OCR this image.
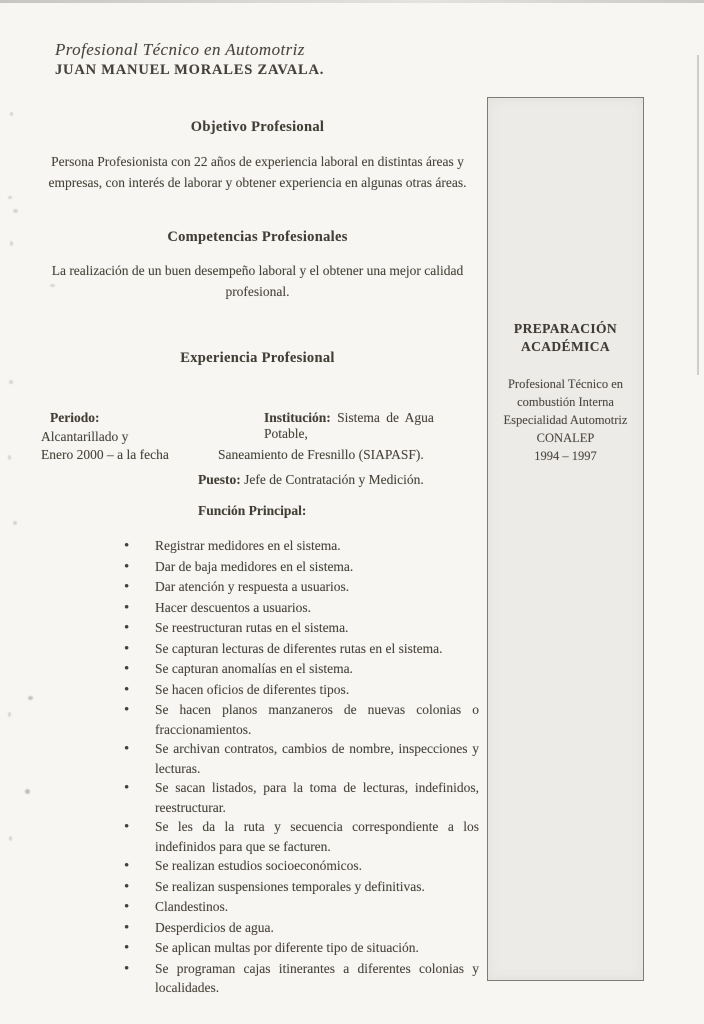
Profesional Técnico en Automotriz
JUAN MANUEL MORALES ZAVALA.
Objetivo Profesional
Persona Profesionista con 22 años de experiencia laboral en distintas áreas y empresas, con interés de laborar y obtener experiencia en algunas otras áreas.
Competencias Profesionales
La realización de un buen desempeño laboral y el obtener una mejor calidad profesional.
Experiencia Profesional
Periodo:	Institución: Sistema de Agua Potable,
Alcantarillado y
Enero 2000 – a la fecha	Saneamiento de Fresnillo (SIAPASF).
Puesto: Jefe de Contratación y Medición.
Función Principal:
•
Registrar medidores en el sistema.
•
Dar de baja medidores en el sistema.
•
Dar atención y respuesta a usuarios.
•
Hacer descuentos a usuarios.
•
Se reestructuran rutas en el sistema.
•
Se capturan lecturas de diferentes rutas en el sistema.
•
Se capturan anomalías en el sistema.
•
Se hacen oficios de diferentes tipos.
•
Se hacen planos manzaneros de nuevas colonias o fraccionamientos.
•
Se archivan contratos, cambios de nombre, inspecciones y lecturas.
•
Se sacan listados, para la toma de lecturas, indefinidos, reestructurar.
•
Se les da la ruta y secuencia correspondiente a los indefinidos para que se facturen.
•
Se realizan estudios socioeconómicos.
•
Se realizan suspensiones temporales y definitivas.
•
Clandestinos.
•
Desperdicios de agua.
•
Se aplican multas por diferente tipo de situación.
•
Se programan cajas itinerantes a diferentes colonias y localidades.
PREPARACIÓN
ACADÉMICA
Profesional Técnico en
combustión Interna
Especialidad Automotriz
CONALEP
1994 – 1997
